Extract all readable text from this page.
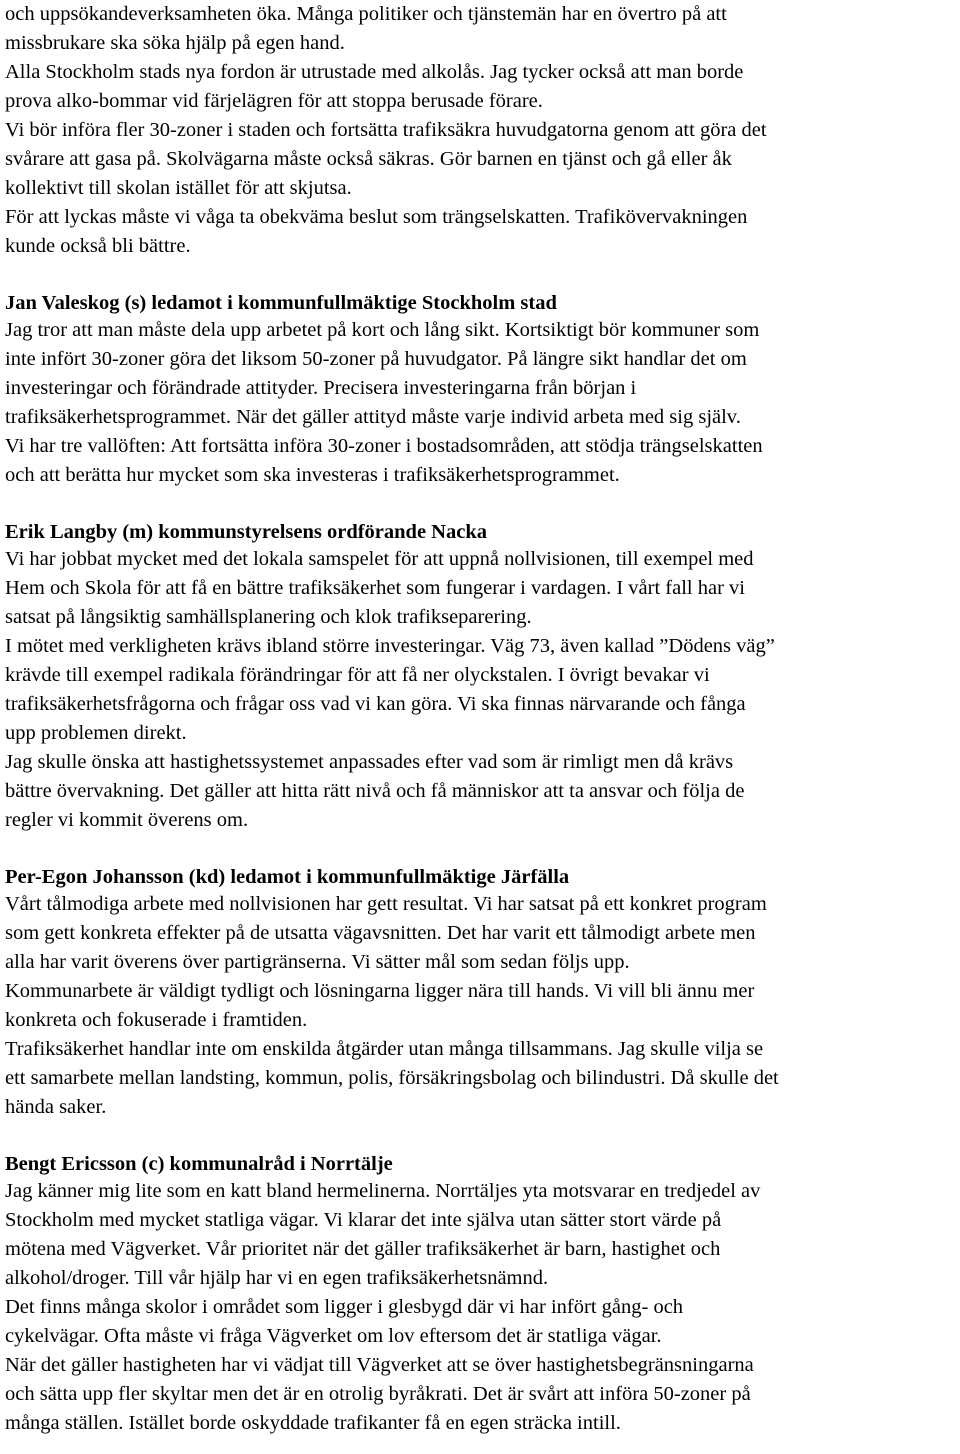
och uppsökandeverksamheten öka. Många politiker och tjänstemän har en övertro på att
missbrukare ska söka hjälp på egen hand.
Alla Stockholm stads nya fordon är utrustade med alkolås. Jag tycker också att man borde
prova alko-bommar vid färjelägren för att stoppa berusade förare.
Vi bör införa fler 30-zoner i staden och fortsätta trafiksäkra huvudgatorna genom att göra det
svårare att gasa på. Skolvägarna måste också säkras. Gör barnen en tjänst och gå eller åk
kollektivt till skolan istället för att skjutsa.
För att lyckas måste vi våga ta obekväma beslut som trängselskatten. Trafikövervakningen
kunde också bli bättre.
Jan Valeskog (s) ledamot i kommunfullmäktige Stockholm stad
Jag tror att man måste dela upp arbetet på kort och lång sikt. Kortsiktigt bör kommuner som
inte infört 30-zoner göra det liksom 50-zoner på huvudgator. På längre sikt handlar det om
investeringar och förändrade attityder. Precisera investeringarna från början i
trafiksäkerhetsprogrammet. När det gäller attityd måste varje individ arbeta med sig själv.
Vi har tre vallöften: Att fortsätta införa 30-zoner i bostadsområden, att stödja trängselskatten
och att berätta hur mycket som ska investeras i trafiksäkerhetsprogrammet.
Erik Langby (m) kommunstyrelsens ordförande Nacka
Vi har jobbat mycket med det lokala samspelet för att uppnå nollvisionen, till exempel med
Hem och Skola för att få en bättre trafiksäkerhet som fungerar i vardagen. I vårt fall har vi
satsat på långsiktig samhällsplanering och klok trafikseparering.
I mötet med verkligheten krävs ibland större investeringar. Väg 73, även kallad ”Dödens väg”
krävde till exempel radikala förändringar för att få ner olyckstalen. I övrigt bevakar vi
trafiksäkerhetsfrågorna och frågar oss vad vi kan göra. Vi ska finnas närvarande och fånga
upp problemen direkt.
Jag skulle önska att hastighetssystemet anpassades efter vad som är rimligt men då krävs
bättre övervakning. Det gäller att hitta rätt nivå och få människor att ta ansvar och följa de
regler vi kommit överens om.
Per-Egon Johansson (kd) ledamot i kommunfullmäktige Järfälla
Vårt tålmodiga arbete med nollvisionen har gett resultat. Vi har satsat på ett konkret program
som gett konkreta effekter på de utsatta vägavsnitten. Det har varit ett tålmodigt arbete men
alla har varit överens över partigränserna. Vi sätter mål som sedan följs upp.
Kommunarbete är väldigt tydligt och lösningarna ligger nära till hands. Vi vill bli ännu mer
konkreta och fokuserade i framtiden.
Trafiksäkerhet handlar inte om enskilda åtgärder utan många tillsammans. Jag skulle vilja se
ett samarbete mellan landsting, kommun, polis, försäkringsbolag och bilindustri. Då skulle det
hända saker.
Bengt Ericsson (c) kommunalråd i Norrtälje
Jag känner mig lite som en katt bland hermelinerna. Norrtäljes yta motsvarar en tredjedel av
Stockholm med mycket statliga vägar. Vi klarar det inte själva utan sätter stort värde på
mötena med Vägverket. Vår prioritet när det gäller trafiksäkerhet är barn, hastighet och
alkohol/droger. Till vår hjälp har vi en egen trafiksäkerhetsnämnd.
Det finns många skolor i området som ligger i glesbygd där vi har infört gång- och
cykelvägar. Ofta måste vi fråga Vägverket om lov eftersom det är statliga vägar.
När det gäller hastigheten har vi vädjat till Vägverket att se över hastighetsbegränsningarna
och sätta upp fler skyltar men det är en otrolig byråkrati. Det är svårt att införa 50-zoner på
många ställen. Istället borde oskyddade trafikanter få en egen sträcka intill.
